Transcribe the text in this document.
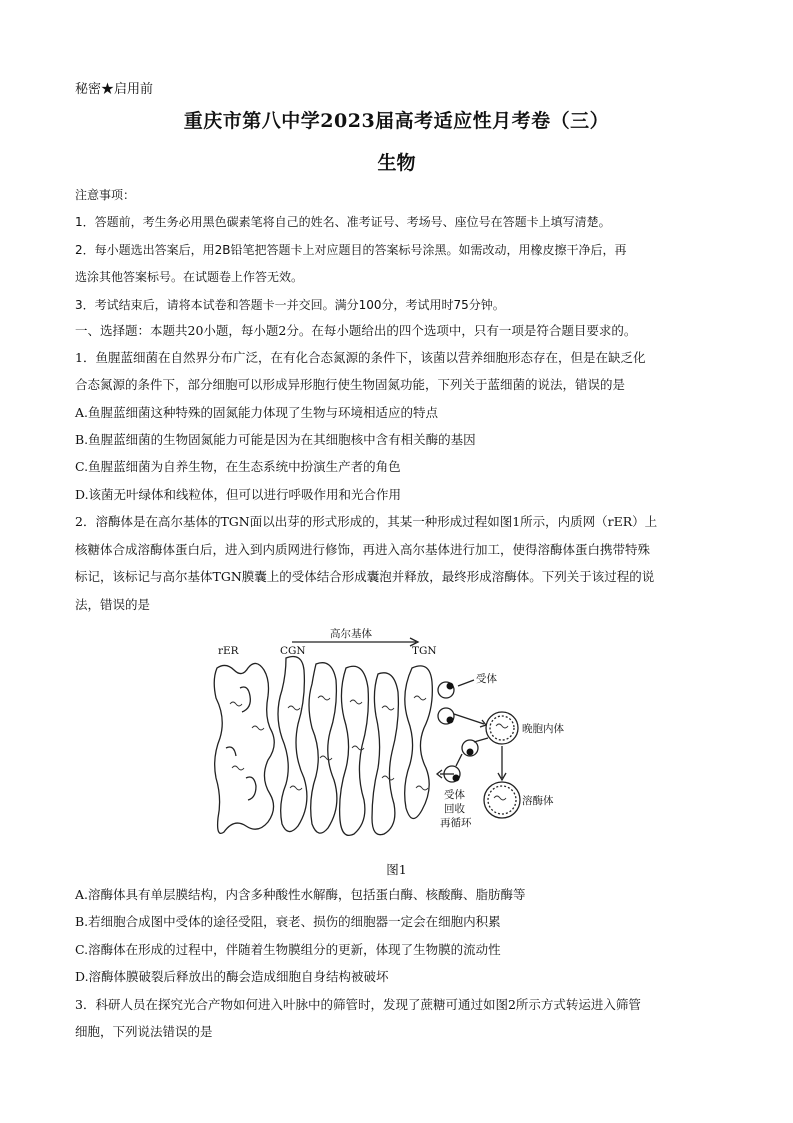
秘密★启用前
重庆市第八中学2023届高考适应性月考卷（三）
生物
注意事项：
1．答题前，考生务必用黑色碳素笔将自己的姓名、准考证号、考场号、座位号在答题卡上填写清楚。
2．每小题选出答案后，用2B铅笔把答题卡上对应题目的答案标号涂黑。如需改动，用橡皮擦干净后，再
选涂其他答案标号。在试题卷上作答无效。
3．考试结束后，请将本试卷和答题卡一并交回。满分100分，考试用时75分钟。
一、选择题：本题共20小题，每小题2分。在每小题给出的四个选项中，只有一项是符合题目要求的。
1．鱼腥蓝细菌在自然界分布广泛，在有化合态氮源的条件下，该菌以营养细胞形态存在，但是在缺乏化
合态氮源的条件下，部分细胞可以形成异形胞行使生物固氮功能，下列关于蓝细菌的说法，错误的是
A.鱼腥蓝细菌这种特殊的固氮能力体现了生物与环境相适应的特点
B.鱼腥蓝细菌的生物固氮能力可能是因为在其细胞核中含有相关酶的基因
C.鱼腥蓝细菌为自养生物，在生态系统中扮演生产者的角色
D.该菌无叶绿体和线粒体，但可以进行呼吸作用和光合作用
2．溶酶体是在高尔基体的TGN面以出芽的形式形成的，其某一种形成过程如图1所示，内质网（rER）上
核糖体合成溶酶体蛋白后，进入到内质网进行修饰，再进入高尔基体进行加工，使得溶酶体蛋白携带特殊
标记，该标记与高尔基体TGN膜囊上的受体结合形成囊泡并释放，最终形成溶酶体。下列关于该过程的说
法，错误的是
rER	CGN
高尔基体
TGN
受体
晚胞内体
受体
回收
再循环
溶酶体
图1
A.溶酶体具有单层膜结构，内含多种酸性水解酶，包括蛋白酶、核酸酶、脂肪酶等
B.若细胞合成图中受体的途径受阻，衰老、损伤的细胞器一定会在细胞内积累
C.溶酶体在形成的过程中，伴随着生物膜组分的更新，体现了生物膜的流动性
D.溶酶体膜破裂后释放出的酶会造成细胞自身结构被破坏
3．科研人员在探究光合产物如何进入叶脉中的筛管时，发现了蔗糖可通过如图2所示方式转运进入筛管
细胞，下列说法错误的是
